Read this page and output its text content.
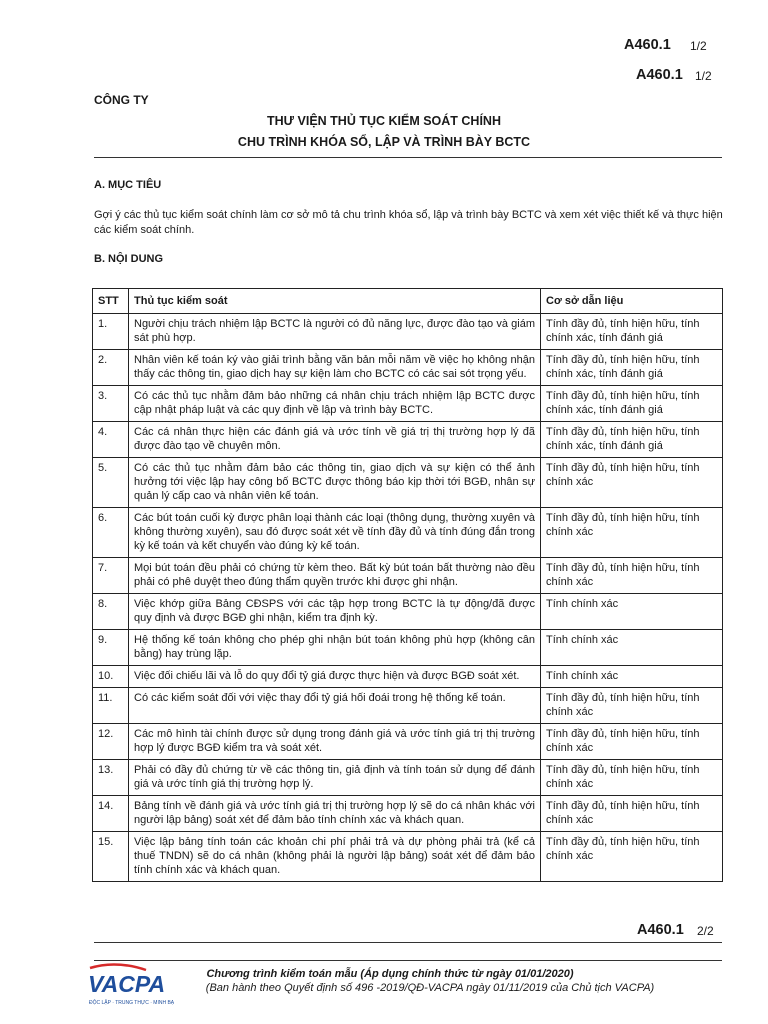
A460.1 1/2
A460.1 1/2
CÔNG TY
THƯ VIỆN THỦ TỤC KIỂM SOÁT CHÍNH
CHU TRÌNH KHÓA SỔ, LẬP VÀ TRÌNH BÀY BCTC
A. MỤC TIÊU
Gợi ý các thủ tục kiểm soát chính làm cơ sở mô tả chu trình khóa sổ, lập và trình bày BCTC và xem xét việc thiết kế và thực hiện các kiểm soát chính.
B. NỘI DUNG
STT	Thủ tục kiểm soát	Cơ sở dẫn liệu
1.	Người chịu trách nhiệm lập BCTC là người có đủ năng lực, được đào tạo và giám sát phù hợp.	Tính đầy đủ, tính hiện hữu, tính chính xác, tính đánh giá
2.	Nhân viên kế toán ký vào giải trình bằng văn bản mỗi năm về việc họ không nhận thấy các thông tin, giao dịch hay sự kiện làm cho BCTC có các sai sót trọng yếu.	Tính đầy đủ, tính hiện hữu, tính chính xác, tính đánh giá
3.	Có các thủ tục nhằm đảm bảo những cá nhân chịu trách nhiệm lập BCTC được cập nhật pháp luật và các quy định về lập và trình bày BCTC.	Tính đầy đủ, tính hiện hữu, tính chính xác, tính đánh giá
4.	Các cá nhân thực hiện các đánh giá và ước tính về giá trị thị trường hợp lý đã được đào tạo về chuyên môn.	Tính đầy đủ, tính hiện hữu, tính chính xác, tính đánh giá
5.	Có các thủ tục nhằm đảm bảo các thông tin, giao dịch và sự kiện có thể ảnh hưởng tới việc lập hay công bố BCTC được thông báo kịp thời tới BGĐ, nhân sự quản lý cấp cao và nhân viên kế toán.	Tính đầy đủ, tính hiện hữu, tính chính xác
6.	Các bút toán cuối kỳ được phân loại thành các loại (thông dụng, thường xuyên và không thường xuyên), sau đó được soát xét về tính đầy đủ và tính đúng đắn trong kỳ kế toán và kết chuyển vào đúng kỳ kế toán.	Tính đầy đủ, tính hiện hữu, tính chính xác
7.	Mọi bút toán đều phải có chứng từ kèm theo. Bất kỳ bút toán bất thường nào đều phải có phê duyệt theo đúng thẩm quyền trước khi được ghi nhận.	Tính đầy đủ, tính hiện hữu, tính chính xác
8.	Việc khớp giữa Bảng CĐSPS với các tập hợp trong BCTC là tự động/đã được quy định và được BGĐ ghi nhận, kiểm tra định kỳ.	Tính chính xác
9.	Hệ thống kế toán không cho phép ghi nhận bút toán không phù hợp (không cân bằng) hay trùng lặp.	Tính chính xác
10.	Việc đối chiếu lãi và lỗ do quy đổi tỷ giá được thực hiện và được BGĐ soát xét.	Tính chính xác
11.	Có các kiểm soát đối với việc thay đổi tỷ giá hối đoái trong hệ thống kế toán.	Tính đầy đủ, tính hiện hữu, tính chính xác
12.	Các mô hình tài chính được sử dụng trong đánh giá và ước tính giá trị thị trường hợp lý được BGĐ kiểm tra và soát xét.	Tính đầy đủ, tính hiện hữu, tính chính xác
13.	Phải có đầy đủ chứng từ về các thông tin, giả định và tính toán sử dụng để đánh giá và ước tính giá thị trường hợp lý.	Tính đầy đủ, tính hiện hữu, tính chính xác
14.	Bảng tính về đánh giá và ước tính giá trị thị trường hợp lý sẽ do cá nhân khác với người lập bảng) soát xét để đảm bảo tính chính xác và khách quan.	Tính đầy đủ, tính hiện hữu, tính chính xác
15.	Việc lập bảng tính toán các khoản chi phí phải trả và dự phòng phải trả (kể cả thuế TNDN) sẽ do cá nhân (không phải là người lập bảng) soát xét để đảm bảo tính chính xác và khách quan.	Tính đầy đủ, tính hiện hữu, tính chính xác
A460.1 2/2
VACPA
ĐỘC LẬP · TRUNG THỰC · MINH BẠCH
Chương trình kiểm toán mẫu (Áp dụng chính thức từ ngày 01/01/2020)
(Ban hành theo Quyết định số 496 -2019/QĐ-VACPA ngày 01/11/2019 của Chủ tịch VACPA)
